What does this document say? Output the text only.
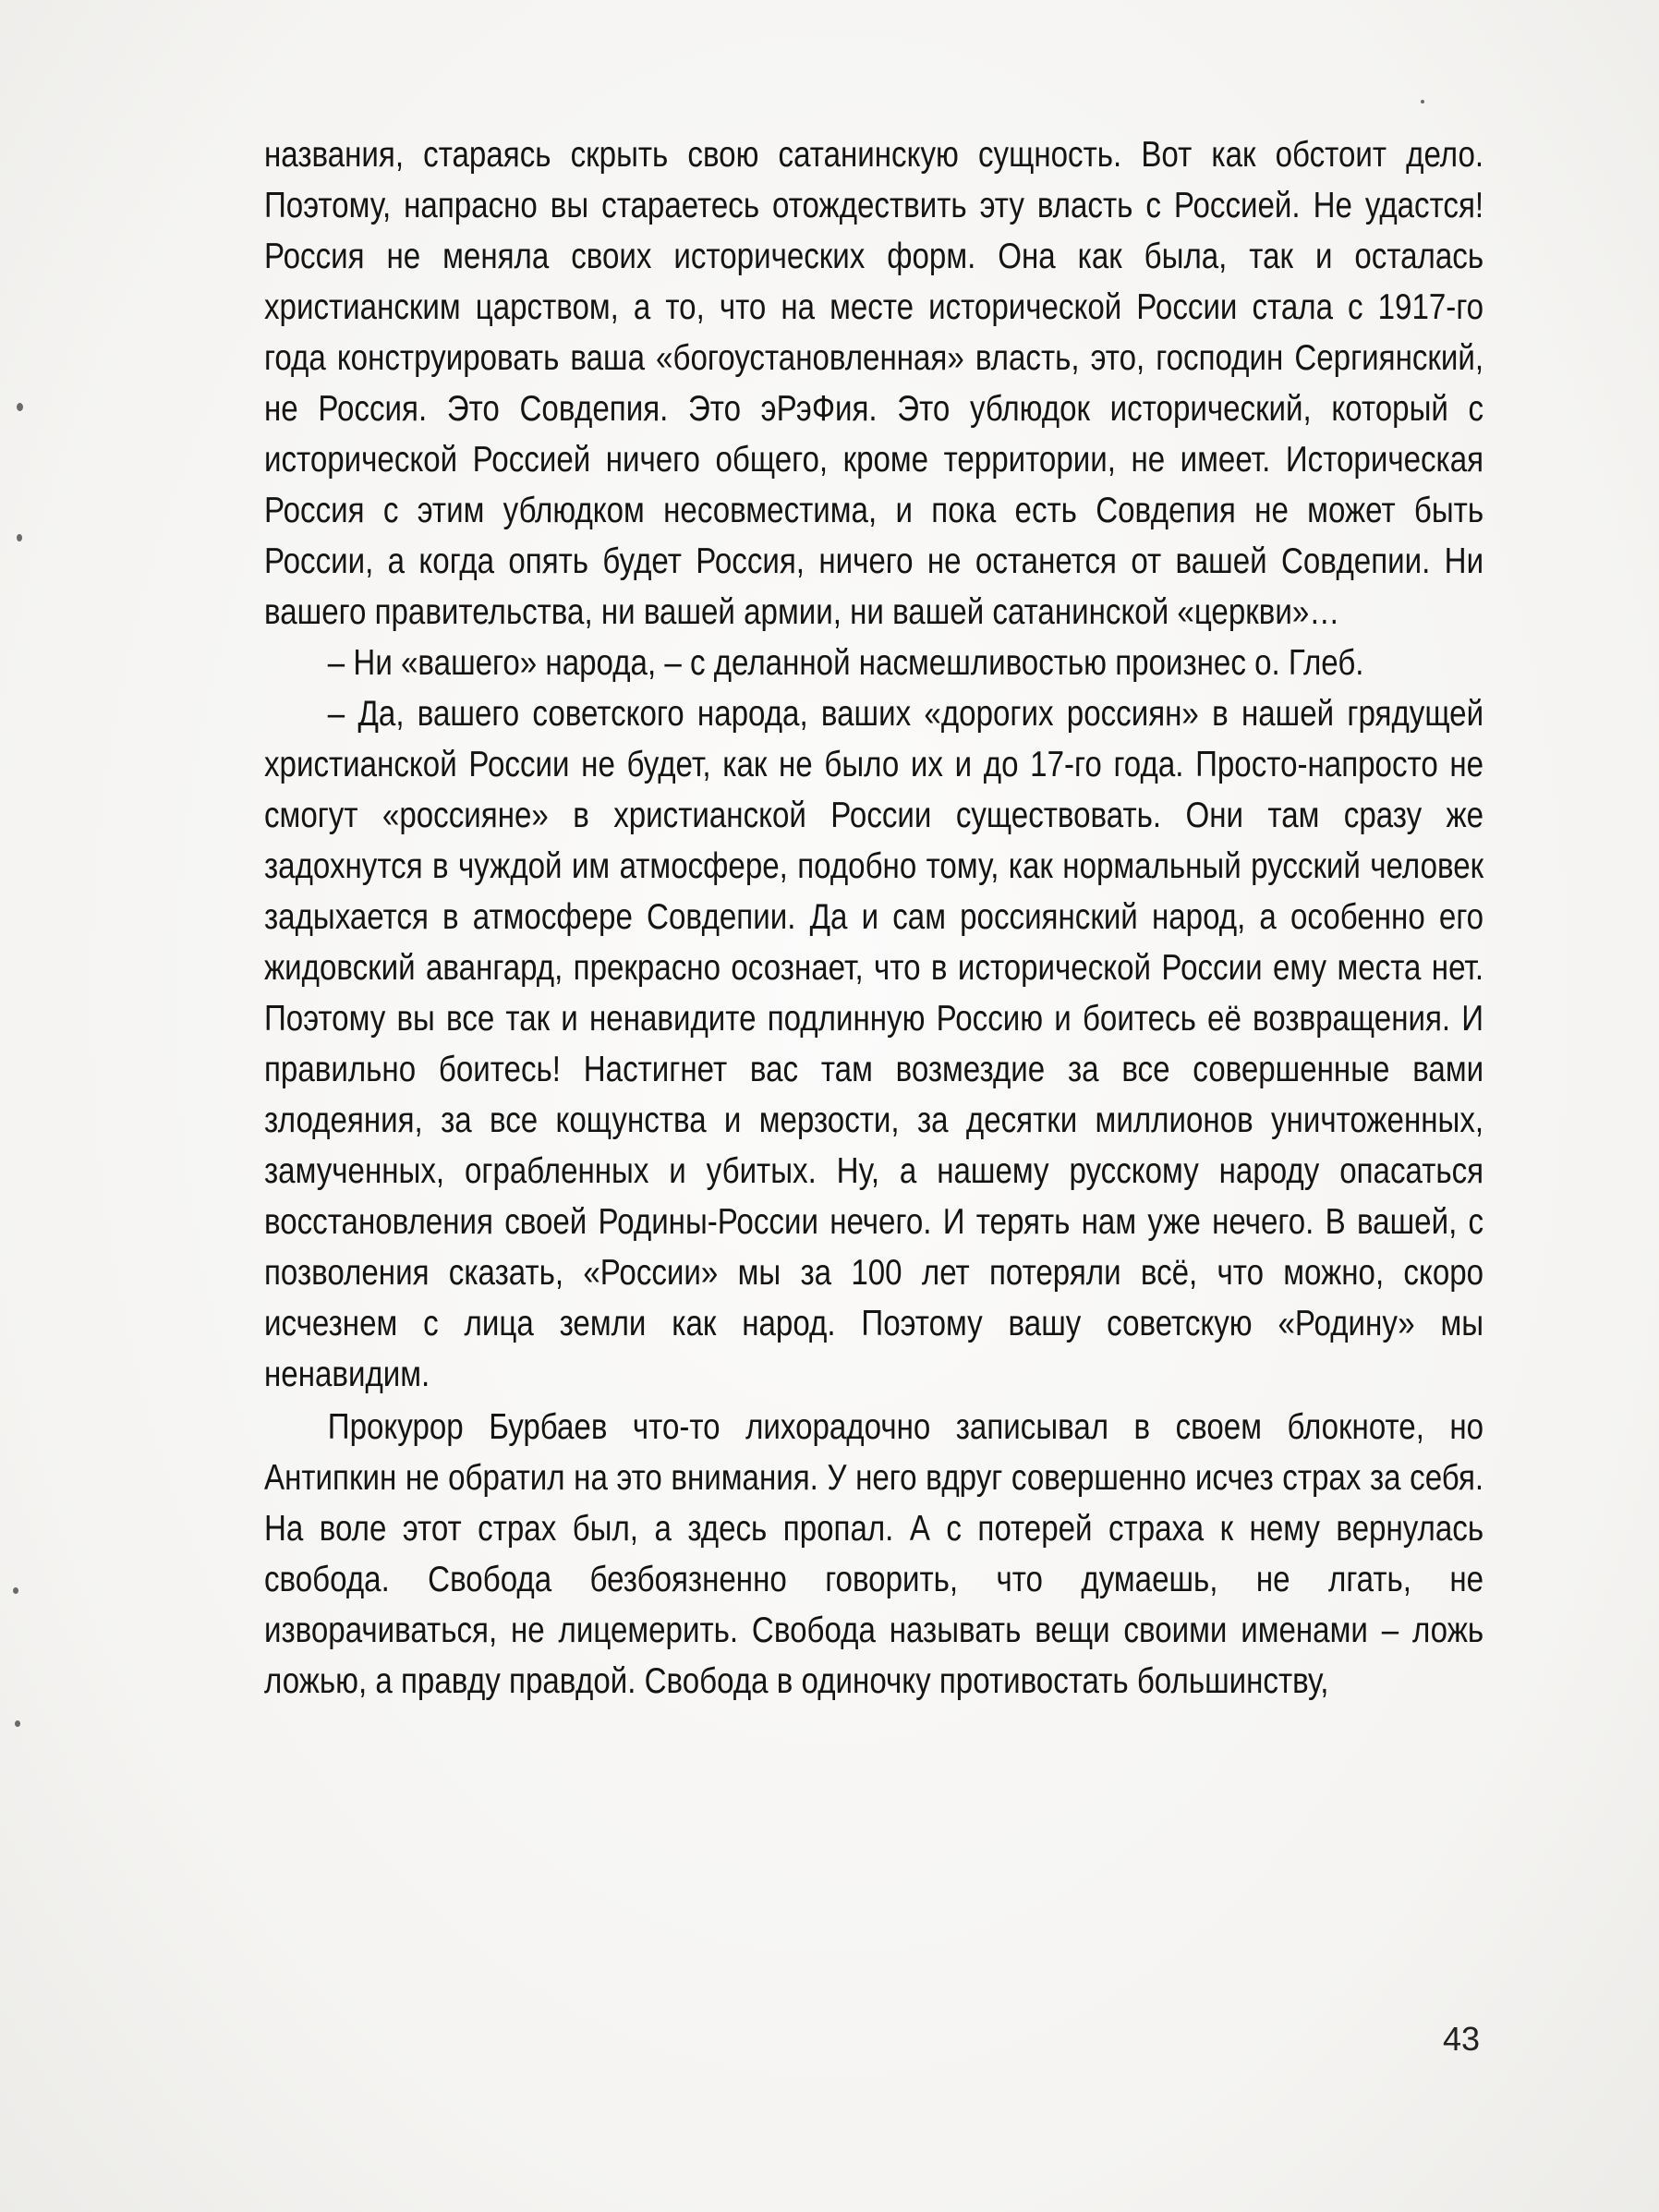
названия, стараясь скрыть свою сатанинскую сущность. Вот как обстоит дело. Поэтому, напрасно вы стараетесь отождествить эту власть с Россией. Не удастся! Россия не меняла своих исторических форм. Она как была, так и осталась христианским царством, а то, что на месте исторической России стала с 1917-го года конструировать ваша «богоустановленная» власть, это, господин Сергиянский, не Россия. Это Совдепия. Это эРэФия. Это ублюдок исторический, который с исторической Россией ничего общего, кроме территории, не имеет. Историческая Россия с этим ублюдком несовместима, и пока есть Совдепия не может быть России, а когда опять будет Россия, ничего не останется от вашей Совдепии. Ни вашего правительства, ни вашей армии, ни вашей сатанинской «церкви»…

– Ни «вашего» народа, – с деланной насмешливостью произнес о. Глеб.

– Да, вашего советского народа, ваших «дорогих россиян» в нашей грядущей христианской России не будет, как не было их и до 17-го года. Просто-напросто не смогут «россияне» в христианской России существовать. Они там сразу же задохнутся в чуждой им атмосфере, подобно тому, как нормальный русский человек задыхается в атмосфере Совдепии. Да и сам россиянский народ, а особенно его жидовский авангард, прекрасно осознает, что в исторической России ему места нет. Поэтому вы все так и ненавидите подлинную Россию и боитесь её возвращения. И правильно боитесь! Настигнет вас там возмездие за все совершенные вами злодеяния, за все кощунства и мерзости, за десятки миллионов уничтоженных, замученных, ограбленных и убитых. Ну, а нашему русскому народу опасаться восстановления своей Родины-России нечего. И терять нам уже нечего. В вашей, с позволения сказать, «России» мы за 100 лет потеряли всё, что можно, скоро исчезнем с лица земли как народ. Поэтому вашу советскую «Родину» мы ненавидим.

Прокурор Бурбаев что-то лихорадочно записывал в своем блокноте, но Антипкин не обратил на это внимания. У него вдруг совершенно исчез страх за себя. На воле этот страх был, а здесь пропал. А с потерей страха к нему вернулась свобода. Свобода безбоязненно говорить, что думаешь, не лгать, не изворачиваться, не лицемерить. Свобода называть вещи своими именами – ложь ложью, а правду правдой. Свобода в одиночку противостать большинству,

43
